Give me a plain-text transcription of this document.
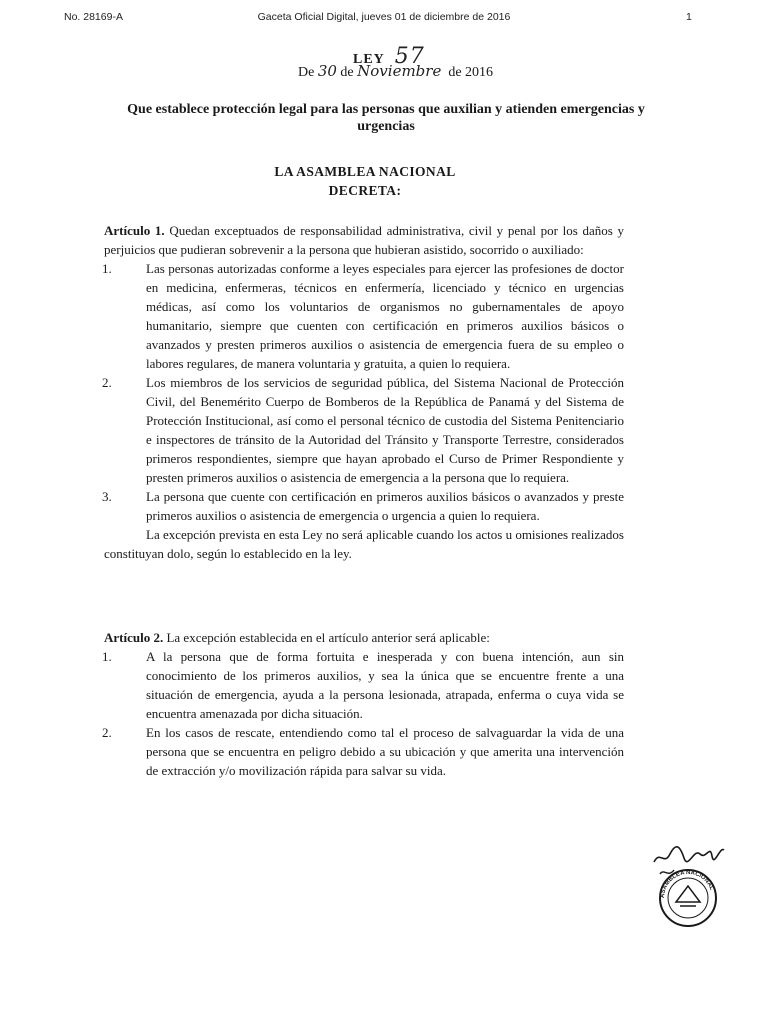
No. 28169-A	Gaceta Oficial Digital, jueves 01 de diciembre de 2016	1
LEY 57
De 30 de Noviembre de 2016
Que establece protección legal para las personas que auxilian y atienden emergencias y urgencias
LA ASAMBLEA NACIONAL
DECRETA:
Artículo 1. Quedan exceptuados de responsabilidad administrativa, civil y penal por los daños y perjuicios que pudieran sobrevenir a la persona que hubieran asistido, socorrido o auxiliado:
1.	Las personas autorizadas conforme a leyes especiales para ejercer las profesiones de doctor en medicina, enfermeras, técnicos en enfermería, licenciado y técnico en urgencias médicas, así como los voluntarios de organismos no gubernamentales de apoyo humanitario, siempre que cuenten con certificación en primeros auxilios básicos o avanzados y presten primeros auxilios o asistencia de emergencia fuera de su empleo o labores regulares, de manera voluntaria y gratuita, a quien lo requiera.
2.	Los miembros de los servicios de seguridad pública, del Sistema Nacional de Protección Civil, del Benemérito Cuerpo de Bomberos de la República de Panamá y del Sistema de Protección Institucional, así como el personal técnico de custodia del Sistema Penitenciario e inspectores de tránsito de la Autoridad del Tránsito y Transporte Terrestre, considerados primeros respondientes, siempre que hayan aprobado el Curso de Primer Respondiente y presten primeros auxilios o asistencia de emergencia a la persona que lo requiera.
3.	La persona que cuente con certificación en primeros auxilios básicos o avanzados y preste primeros auxilios o asistencia de emergencia o urgencia a quien lo requiera.
La excepción prevista en esta Ley no será aplicable cuando los actos u omisiones realizados constituyan dolo, según lo establecido en la ley.
Artículo 2. La excepción establecida en el artículo anterior será aplicable:
1.	A la persona que de forma fortuita e inesperada y con buena intención, aun sin conocimiento de los primeros auxilios, y sea la única que se encuentre frente a una situación de emergencia, ayuda a la persona lesionada, atrapada, enferma o cuya vida se encuentra amenazada por dicha situación.
2.	En los casos de rescate, entendiendo como tal el proceso de salvaguardar la vida de una persona que se encuentra en peligro debido a su ubicación y que amerita una intervención de extracción y/o movilización rápida para salvar su vida.
ASAMBLEA NACIONAL
